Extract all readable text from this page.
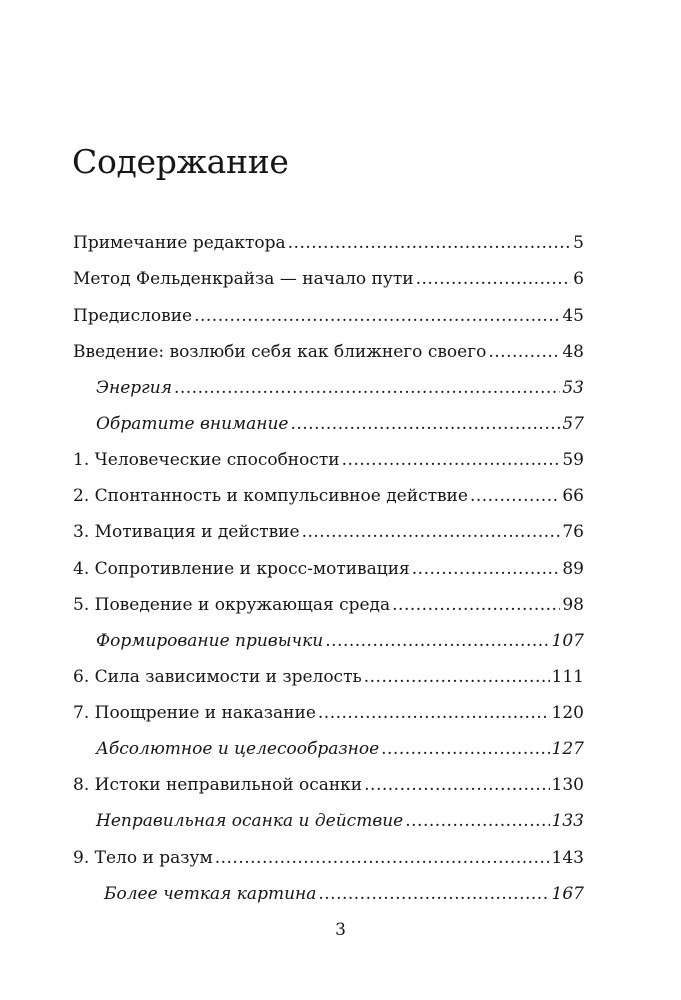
Содержание
Примечание редактора .....	5
Метод Фельденкрайза — начало пути .....	6
Предисловие .....	45
Введение: возлюби себя как ближнего своего .....	48
Энергия .....	53
Обратите внимание .....	57
1. Человеческие способности .....	59
2. Спонтанность и компульсивное действие .....	66
3. Мотивация и действие .....	76
4. Сопротивление и кросс-мотивация .....	89
5. Поведение и окружающая среда .....	98
Формирование привычки .....	107
6. Сила зависимости и зрелость .....	111
7. Поощрение и наказание .....	120
Абсолютное и целесообразное .....	127
8. Истоки неправильной осанки .....	130
Неправильная осанка и действие .....	133
9. Тело и разум .....	143
Более четкая картина .....	167
3
